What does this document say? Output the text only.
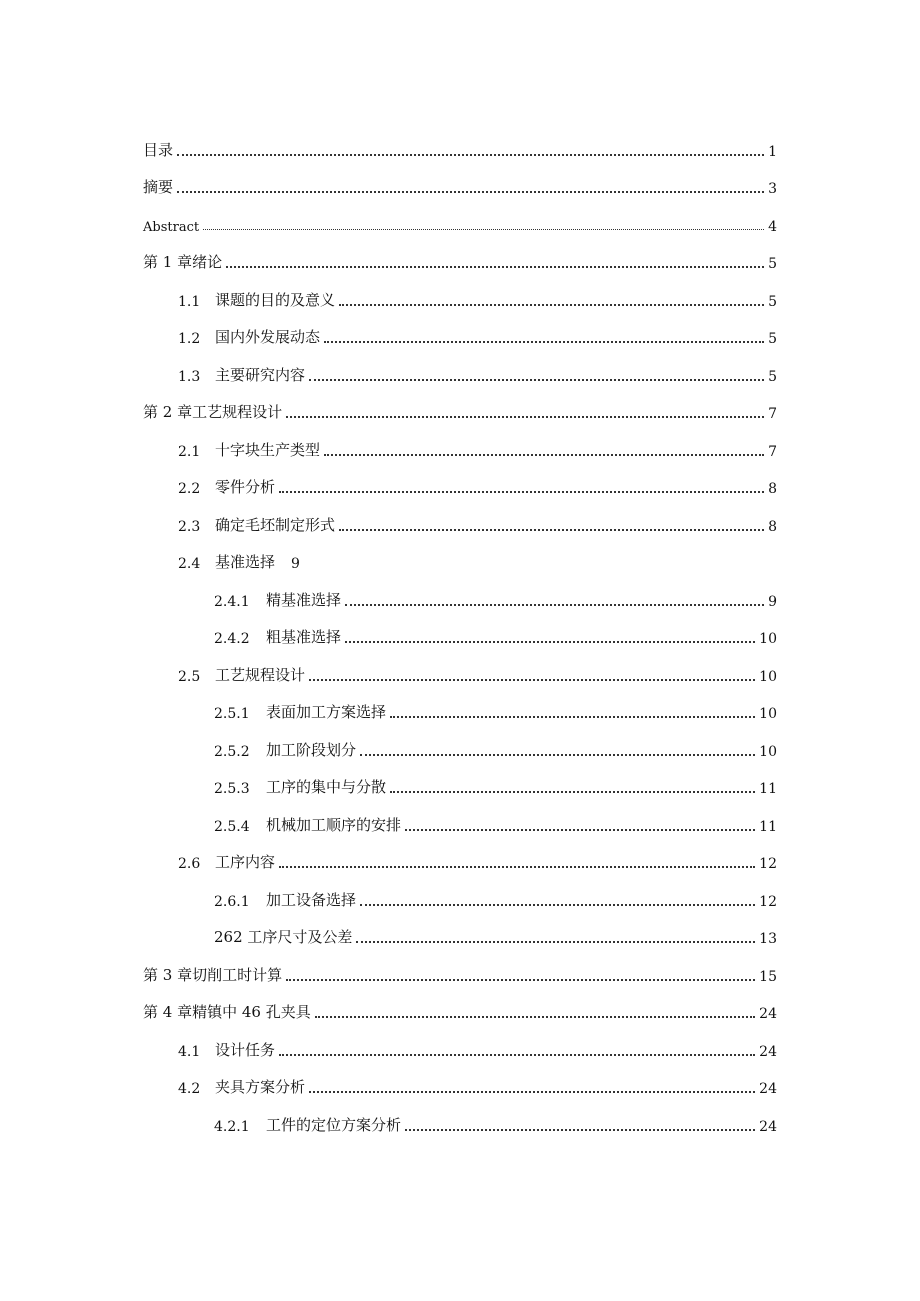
目录	1
摘要	3
Abstract	4
第 1 章绪论	5
1.1 课题的目的及意义	5
1.2 国内外发展动态	5
1.3 主要研究内容	5
第 2 章工艺规程设计	7
2.1 十字块生产类型	7
2.2 零件分析	8
2.3 确定毛坯制定形式	8
2.4 基准选择 9
2.4.1	精基准选择	9
2.4.2	粗基准选择	10
2.5 工艺规程设计	10
2.5.1	表面加工方案选择	10
2.5.2	加工阶段划分	10
2.5.3	工序的集中与分散	11
2.5.4	机械加工顺序的安排	11
2.6 工序内容	12
2.6.1	加工设备选择	12
262 工序尺寸及公差	13
第 3 章切削工时计算	15
第 4 章精镇中 46 孔夹具	24
4.1 设计任务	24
4.2 夹具方案分析	24
4.2.1	工件的定位方案分析	24
